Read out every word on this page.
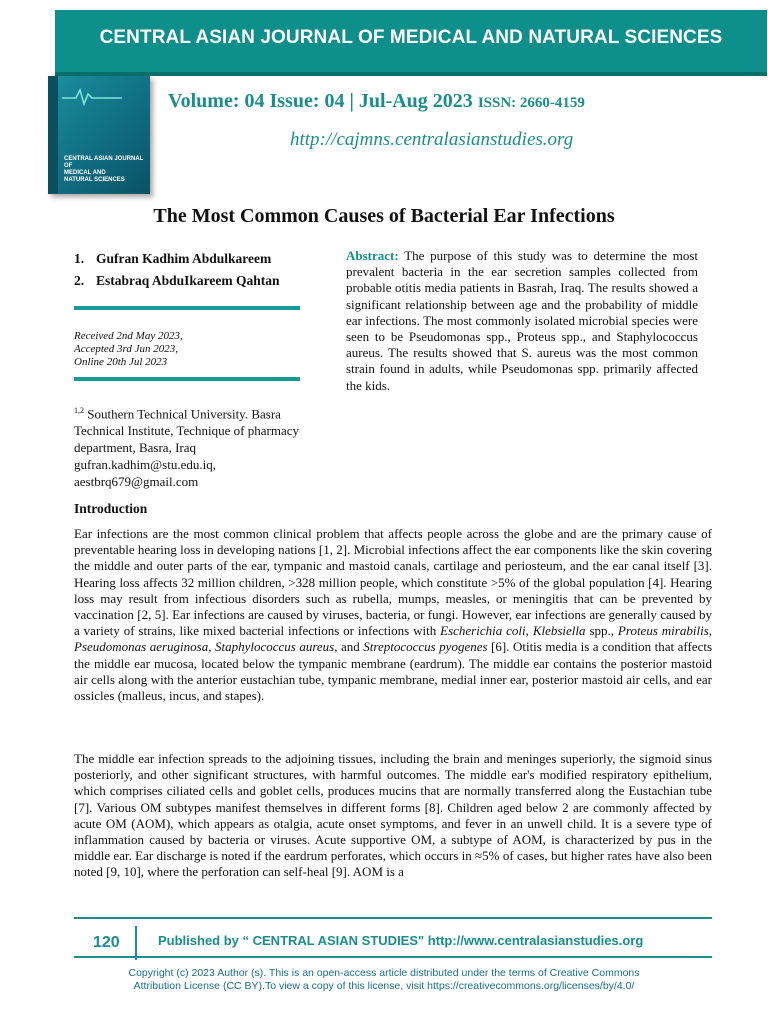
CENTRAL ASIAN JOURNAL OF MEDICAL AND NATURAL SCIENCES
CENTRAL ASIAN JOURNAL OF
MEDICAL AND
NATURAL SCIENCES
Volume: 04 Issue: 04 | Jul-Aug 2023 ISSN: 2660-4159
http://cajmns.centralasianstudies.org
The Most Common Causes of Bacterial Ear Infections
1. Gufran Kadhim Abdulkareem
2. Estabraq AbduIkareem Qahtan
Received 2nd May 2023,
Accepted 3rd Jun 2023,
Online 20th Jul 2023
$^{1,2}$ Southern Technical University. Basra Technical Institute, Technique of pharmacy department, Basra, Iraq
gufran.kadhim@stu.edu.iq,
aestbrq679@gmail.com
Abstract: The purpose of this study was to determine the most prevalent bacteria in the ear secretion samples collected from probable otitis media patients in Basrah, Iraq. The results showed a significant relationship between age and the probability of middle ear infections. The most commonly isolated microbial species were seen to be Pseudomonas spp., Proteus spp., and Staphylococcus aureus. The results showed that S. aureus was the most common strain found in adults, while Pseudomonas spp. primarily affected the kids.
Introduction
Ear infections are the most common clinical problem that affects people across the globe and are the primary cause of preventable hearing loss in developing nations [1, 2]. Microbial infections affect the ear components like the skin covering the middle and outer parts of the ear, tympanic and mastoid canals, cartilage and periosteum, and the ear canal itself [3]. Hearing loss affects 32 million children, >328 million people, which constitute >5% of the global population [4]. Hearing loss may result from infectious disorders such as rubella, mumps, measles, or meningitis that can be prevented by vaccination [2, 5]. Ear infections are caused by viruses, bacteria, or fungi. However, ear infections are generally caused by a variety of strains, like mixed bacterial infections or infections with Escherichia coli, Klebsiella spp., Proteus mirabilis, Pseudomonas aeruginosa, Staphylococcus aureus, and Streptococcus pyogenes [6]. Otitis media is a condition that affects the middle ear mucosa, located below the tympanic membrane (eardrum). The middle ear contains the posterior mastoid air cells along with the anterior eustachian tube, tympanic membrane, medial inner ear, posterior mastoid air cells, and ear ossicles (malleus, incus, and stapes).
The middle ear infection spreads to the adjoining tissues, including the brain and meninges superiorly, the sigmoid sinus posteriorly, and other significant structures, with harmful outcomes. The middle ear's modified respiratory epithelium, which comprises ciliated cells and goblet cells, produces mucins that are normally transferred along the Eustachian tube [7]. Various OM subtypes manifest themselves in different forms [8]. Children aged below 2 are commonly affected by acute OM (AOM), which appears as otalgia, acute onset symptoms, and fever in an unwell child. It is a severe type of inflammation caused by bacteria or viruses. Acute supportive OM, a subtype of AOM, is characterized by pus in the middle ear. Ear discharge is noted if the eardrum perforates, which occurs in ≈5% of cases, but higher rates have also been noted [9, 10], where the perforation can self-heal [9]. AOM is a
120	Published by “ CENTRAL ASIAN STUDIES" http://www.centralasianstudies.org
Copyright (c) 2023 Author (s). This is an open-access article distributed under the terms of Creative Commons
Attribution License (CC BY).To view a copy of this license, visit https://creativecommons.org/licenses/by/4.0/
